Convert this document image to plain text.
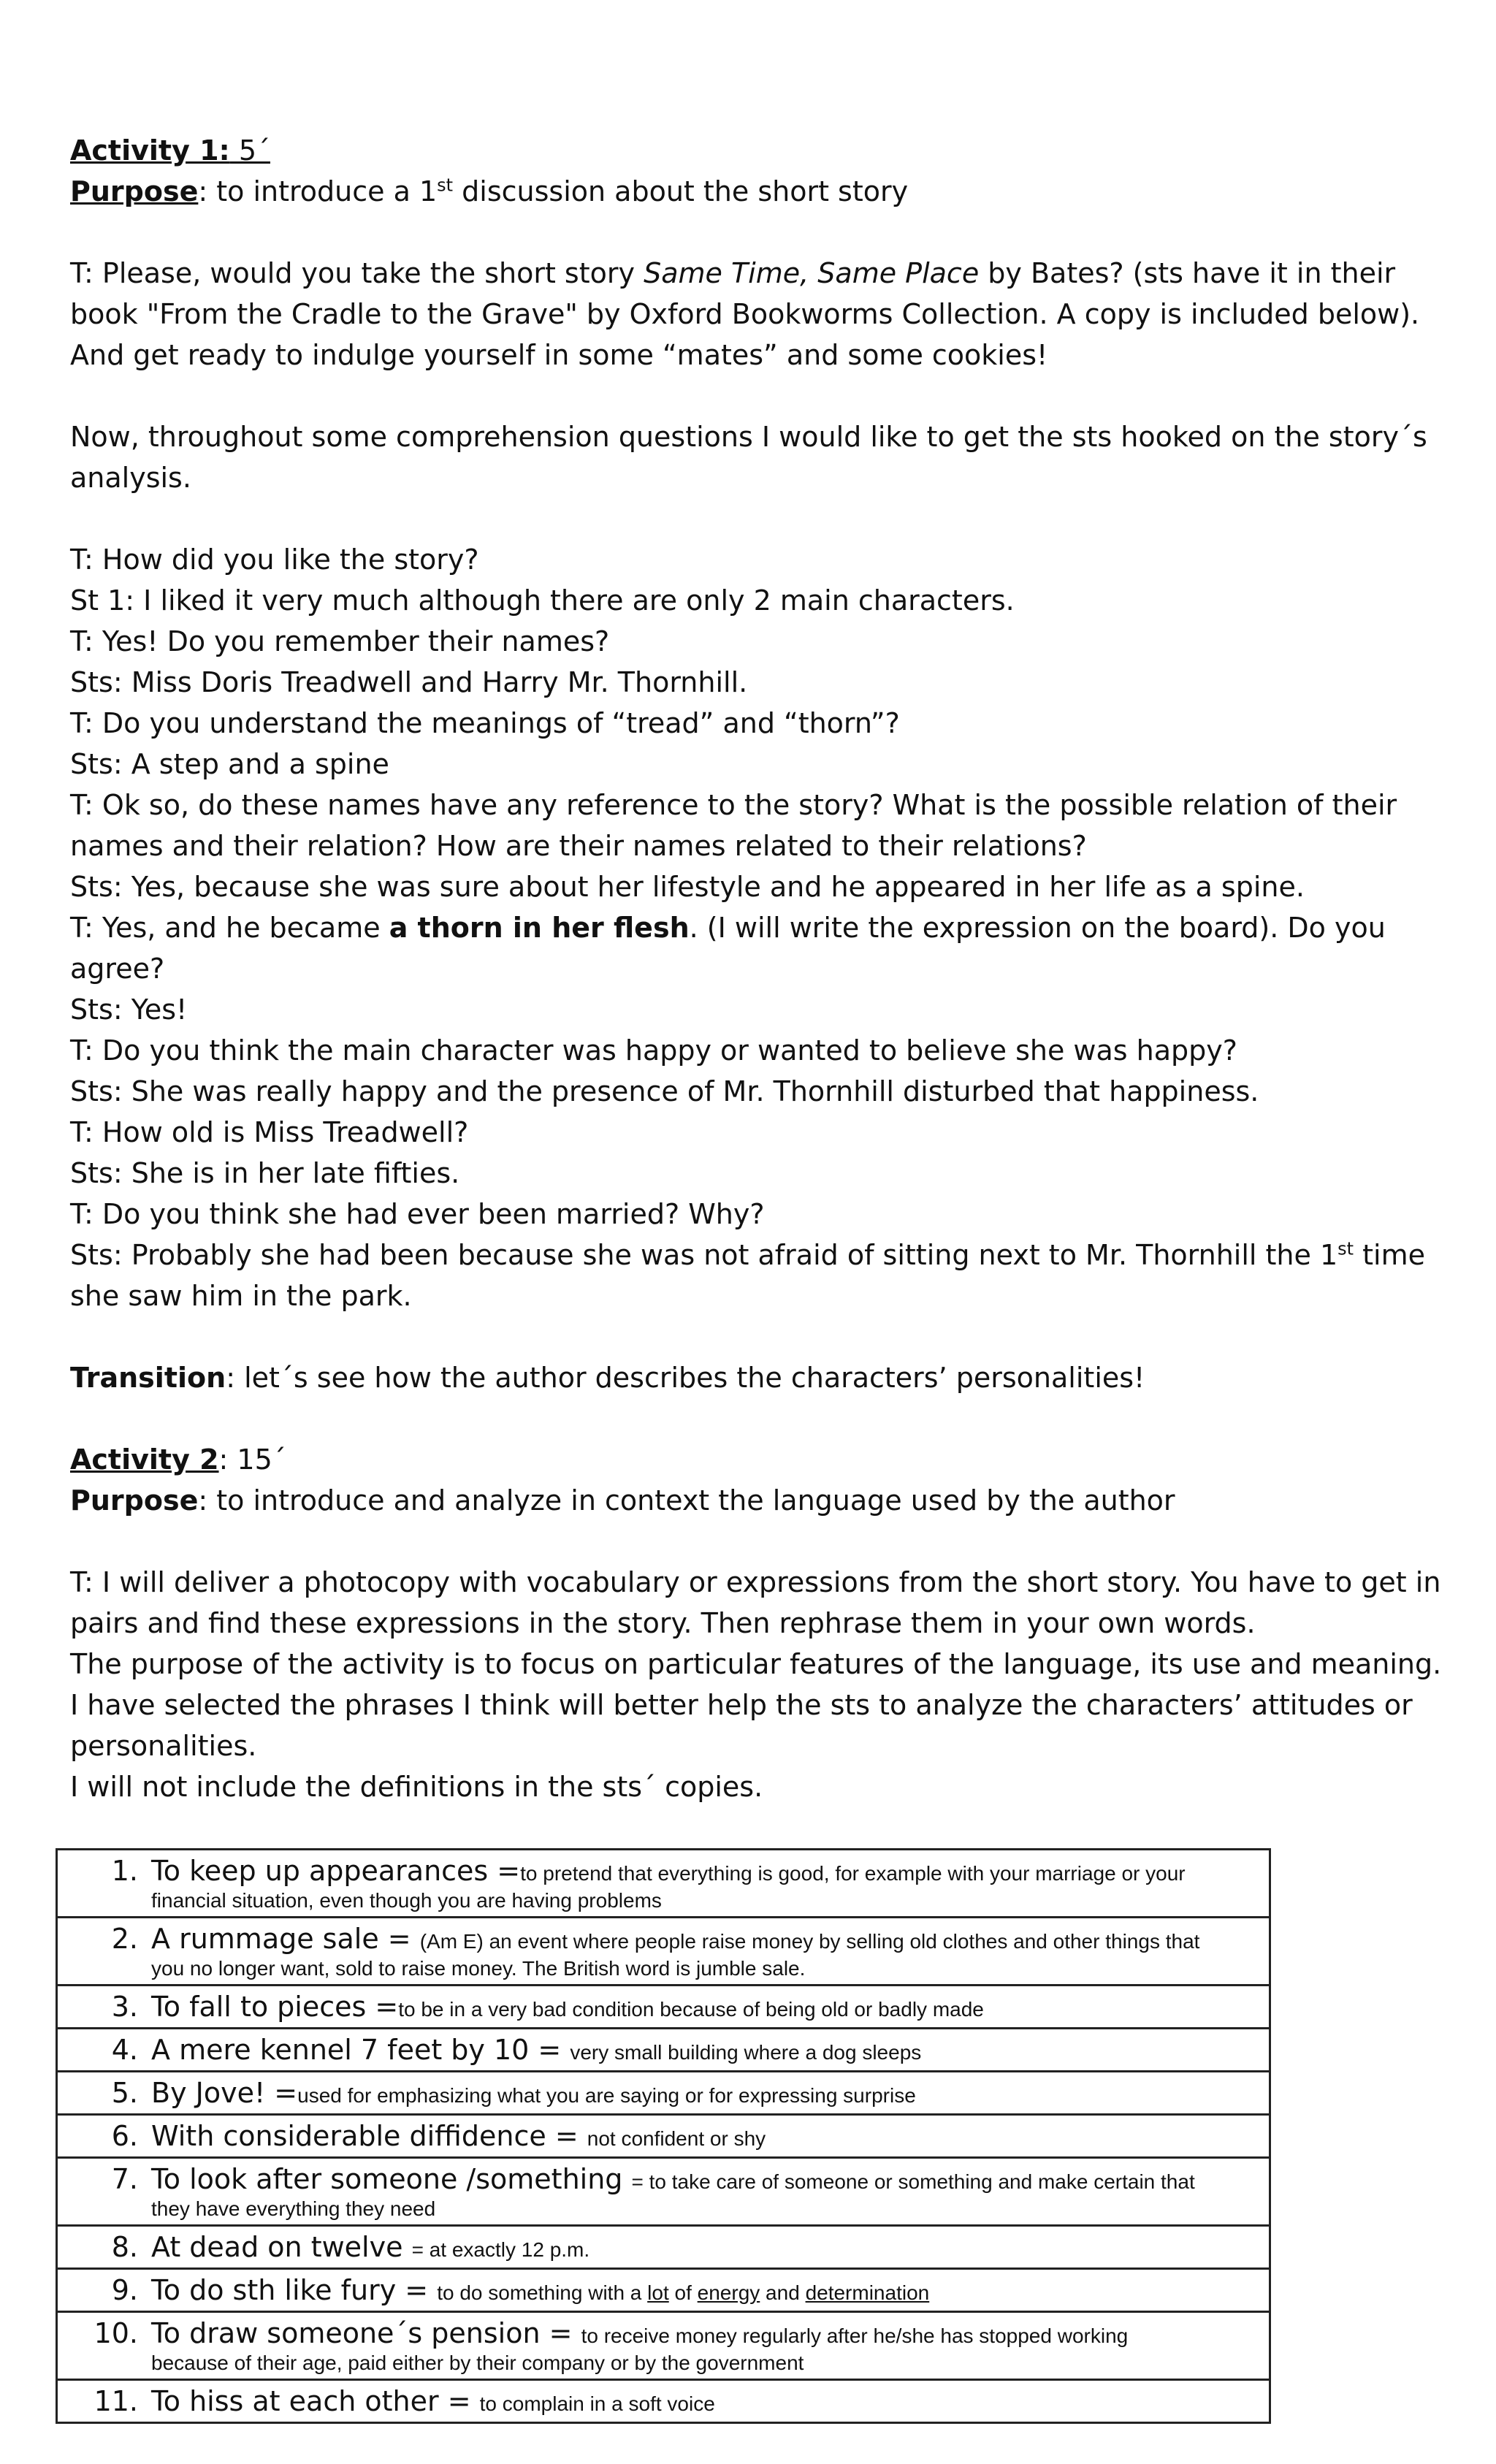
Activity 1: 5´

Purpose: to introduce a 1st discussion about the short story

T: Please, would you take the short story Same Time, Same Place by Bates? (sts have it in their book "From the Cradle to the Grave" by Oxford Bookworms Collection. A copy is included below). And get ready to indulge yourself in some “mates” and some cookies!

Now, throughout some comprehension questions I would like to get the sts hooked on the story´s analysis.

T: How did you like the story?

St 1: I liked it very much although there are only 2 main characters.

T: Yes! Do you remember their names?

Sts: Miss Doris Treadwell and Harry Mr. Thornhill.

T: Do you understand the meanings of “tread” and “thorn”?

Sts: A step and a spine

T: Ok so, do these names have any reference to the story? What is the possible relation of their names and their relation? How are their names related to their relations?

Sts: Yes, because she was sure about her lifestyle and he appeared in her life as a spine.

T: Yes, and he became a thorn in her flesh. (I will write the expression on the board). Do you agree?

Sts: Yes!

T: Do you think the main character was happy or wanted to believe she was happy?

Sts: She was really happy and the presence of Mr. Thornhill disturbed that happiness.

T: How old is Miss Treadwell?

Sts: She is in her late fifties.

T: Do you think she had ever been married? Why?

Sts: Probably she had been because she was not afraid of sitting next to Mr. Thornhill the 1st time she saw him in the park.

Transition: let´s see how the author describes the characters’ personalities!

Activity 2: 15´

Purpose: to introduce and analyze in context the language used by the author

T: I will deliver a photocopy with vocabulary or expressions from the short story. You have to get in pairs and find these expressions in the story. Then rephrase them in your own words.

The purpose of the activity is to focus on particular features of the language, its use and meaning. I have selected the phrases I think will better help the sts to analyze the characters’ attitudes or personalities.

I will not include the definitions in the sts´ copies.

1. To keep up appearances =to pretend that everything is good, for example with your marriage or your
financial situation, even though you are having problems

2. A rummage sale = (Am E) an event where people raise money by selling old clothes and other things that
you no longer want, sold to raise money. The British word is jumble sale.

3. To fall to pieces =to be in a very bad condition because of being old or badly made

4. A mere kennel 7 feet by 10 = very small building where a dog sleeps

5. By Jove! =used for emphasizing what you are saying or for expressing surprise

6. With considerable diffidence = not confident or shy

7. To look after someone /something = to take care of someone or something and make certain that
they have everything they need

8. At dead on twelve = at exactly 12 p.m.

9. To do sth like fury = to do something with a lot of energy and determination

10. To draw someone´s pension = to receive money regularly after he/she has stopped working
because of their age, paid either by their company or by the government

11. To hiss at each other = to complain in a soft voice
